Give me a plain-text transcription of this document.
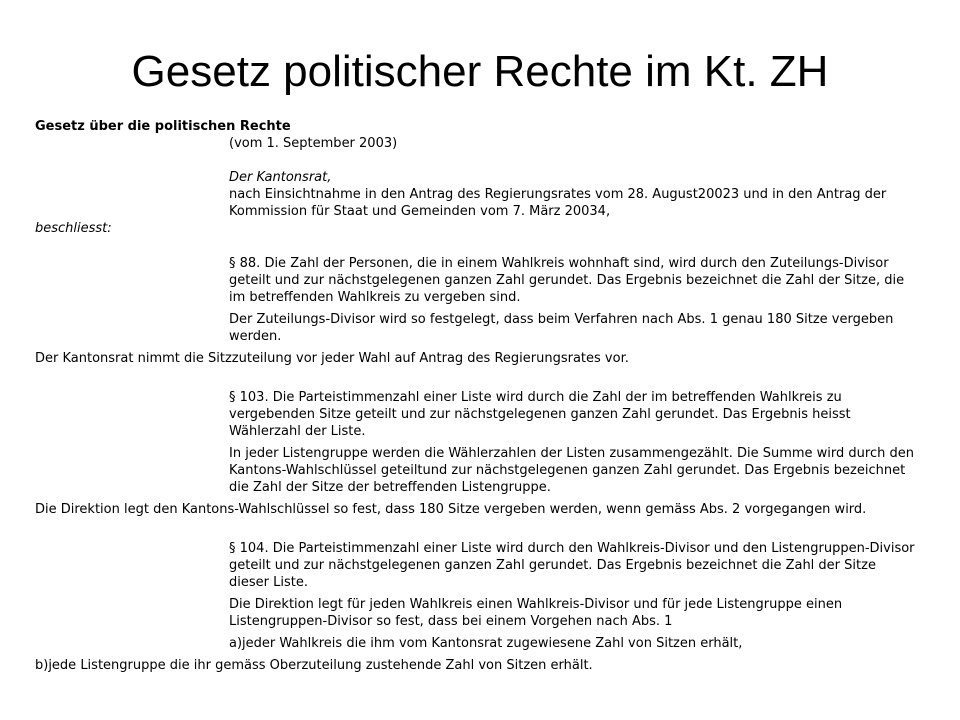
Gesetz politischer Rechte im Kt. ZH

Gesetz über die politischen Rechte

(vom 1. September 2003)

Der Kantonsrat,

nach Einsichtnahme in den Antrag des Regierungsrates vom 28. August20023 und in den Antrag der Kommission für Staat und Gemeinden vom 7. März 20034,

beschliesst:

§ 88. Die Zahl der Personen, die in einem Wahlkreis wohnhaft sind, wird durch den Zuteilungs-Divisor geteilt und zur nächstgelegenen ganzen Zahl gerundet. Das Ergebnis bezeichnet die Zahl der Sitze, die im betreffenden Wahlkreis zu vergeben sind.

Der Zuteilungs-Divisor wird so festgelegt, dass beim Verfahren nach Abs. 1 genau 180 Sitze vergeben werden.

Der Kantonsrat nimmt die Sitzzuteilung vor jeder Wahl auf Antrag des Regierungsrates vor.

§ 103. Die Parteistimmenzahl einer Liste wird durch die Zahl der im betreffenden Wahlkreis zu vergebenden Sitze geteilt und zur nächstgelegenen ganzen Zahl gerundet. Das Ergebnis heisst Wählerzahl der Liste.

In jeder Listengruppe werden die Wählerzahlen der Listen zusammengezählt. Die Summe wird durch den Kantons-Wahlschlüssel geteiltund zur nächstgelegenen ganzen Zahl gerundet. Das Ergebnis bezeichnet die Zahl der Sitze der betreffenden Listengruppe.

Die Direktion legt den Kantons-Wahlschlüssel so fest, dass 180 Sitze vergeben werden, wenn gemäss Abs. 2 vorgegangen wird.

§ 104. Die Parteistimmenzahl einer Liste wird durch den Wahlkreis-Divisor und den Listengruppen-Divisor geteilt und zur nächstgelegenen ganzen Zahl gerundet. Das Ergebnis bezeichnet die Zahl der Sitze dieser Liste.

Die Direktion legt für jeden Wahlkreis einen Wahlkreis-Divisor und für jede Listengruppe einen Listengruppen-Divisor so fest, dass bei einem Vorgehen nach Abs. 1

a)jeder Wahlkreis die ihm vom Kantonsrat zugewiesene Zahl von Sitzen erhält,

b)jede Listengruppe die ihr gemäss Oberzuteilung zustehende Zahl von Sitzen erhält.
